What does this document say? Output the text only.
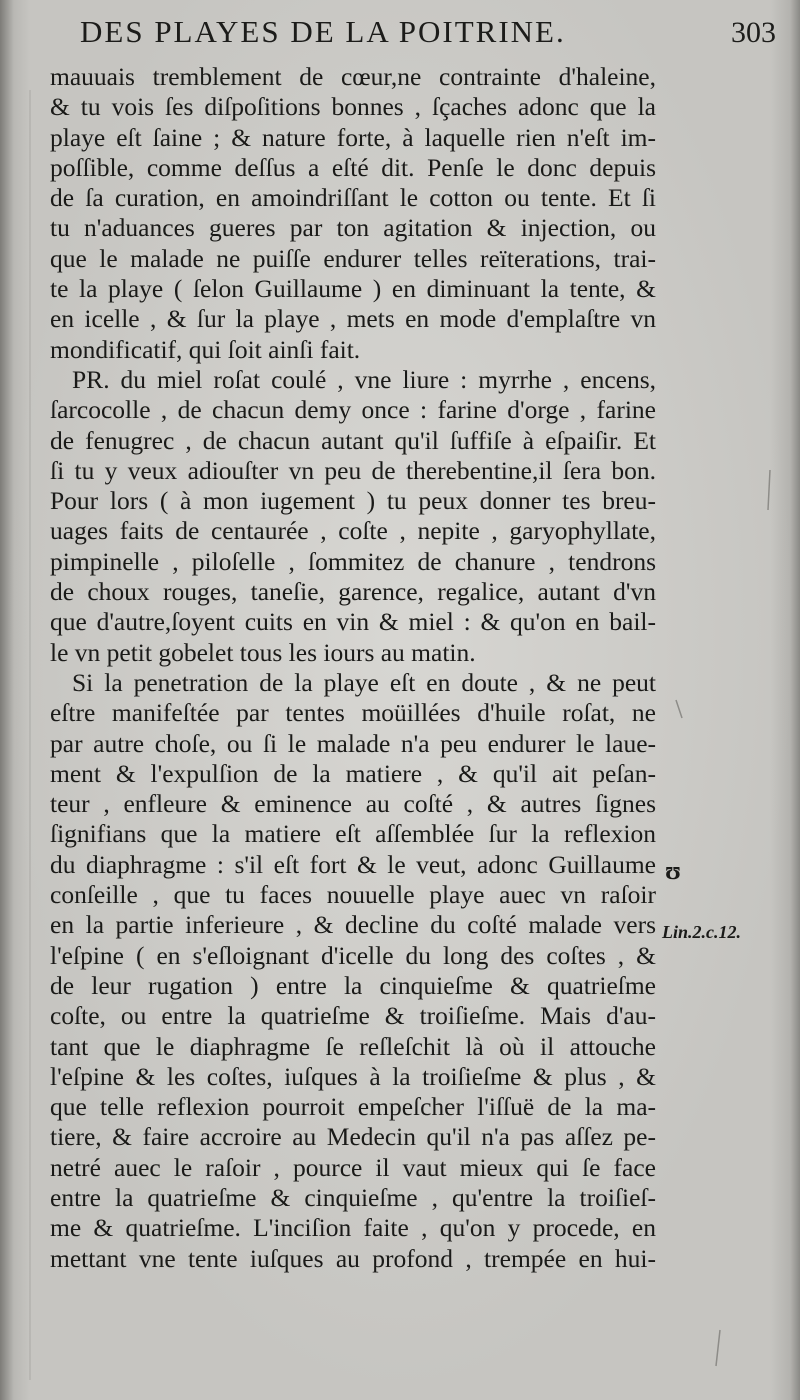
DES PLAYES DE LA POITRINE.	303
mauuais tremblement de cœur,ne contrainte d'haleine,
& tu vois ſes diſpoſitions bonnes , ſçaches adonc que la
playe eſt ſaine ; & nature forte, à laquelle rien n'eſt im-
poſſible, comme deſſus a eſté dit. Penſe le donc depuis
de ſa curation, en amoindriſſant le cotton ou tente. Et ſi
tu n'aduances gueres par ton agitation & injection, ou
que le malade ne puiſſe endurer telles reïterations, trai-
te la playe ( ſelon Guillaume ) en diminuant la tente, &
en icelle , & ſur la playe , mets en mode d'emplaſtre vn
mondificatif, qui ſoit ainſi fait.
PR. du miel roſat coulé , vne liure : myrrhe , encens,
ſarcocolle , de chacun demy once : farine d'orge , farine
de fenugrec , de chacun autant qu'il ſuffiſe à eſpaiſir. Et
ſi tu y veux adiouſter vn peu de therebentine,il ſera bon.
Pour lors ( à mon iugement ) tu peux donner tes breu-
uages faits de centaurée , coſte , nepite , garyophyllate,
pimpinelle , piloſelle , ſommitez de chanure , tendrons
de choux rouges, taneſie, garence, regalice, autant d'vn
que d'autre,ſoyent cuits en vin & miel : & qu'on en bail-
le vn petit gobelet tous les iours au matin.
Si la penetration de la playe eſt en doute , & ne peut
eſtre manifeſtée par tentes moüillées d'huile roſat, ne
par autre choſe, ou ſi le malade n'a peu endurer le laue-
ment & l'expulſion de la matiere , & qu'il ait peſan-
teur , enfleure & eminence au coſté , & autres ſignes
ſignifians que la matiere eſt aſſemblée ſur la reflexion
du diaphragme : s'il eſt fort & le veut, adonc Guillaume
conſeille , que tu faces nouuelle playe auec vn raſoir
en la partie inferieure , & decline du coſté malade vers
l'eſpine ( en s'eſloignant d'icelle du long des coſtes , &
de leur rugation ) entre la cinquieſme & quatrieſme
coſte, ou entre la quatrieſme & troiſieſme. Mais d'au-
tant que le diaphragme ſe reſleſchit là où il attouche
l'eſpine & les coſtes, iuſques à la troiſieſme & plus , &
que telle reflexion pourroit empeſcher l'iſſuë de la ma-
tiere, & faire accroire au Medecin qu'il n'a pas aſſez pe-
netré auec le raſoir , pource il vaut mieux qui ſe face
entre la quatrieſme & cinquieſme , qu'entre la troiſieſ-
me & quatrieſme. L'inciſion faite , qu'on y procede, en
mettant vne tente iuſques au profond , trempée en hui-
ʊ
Lin.2.c.12.
